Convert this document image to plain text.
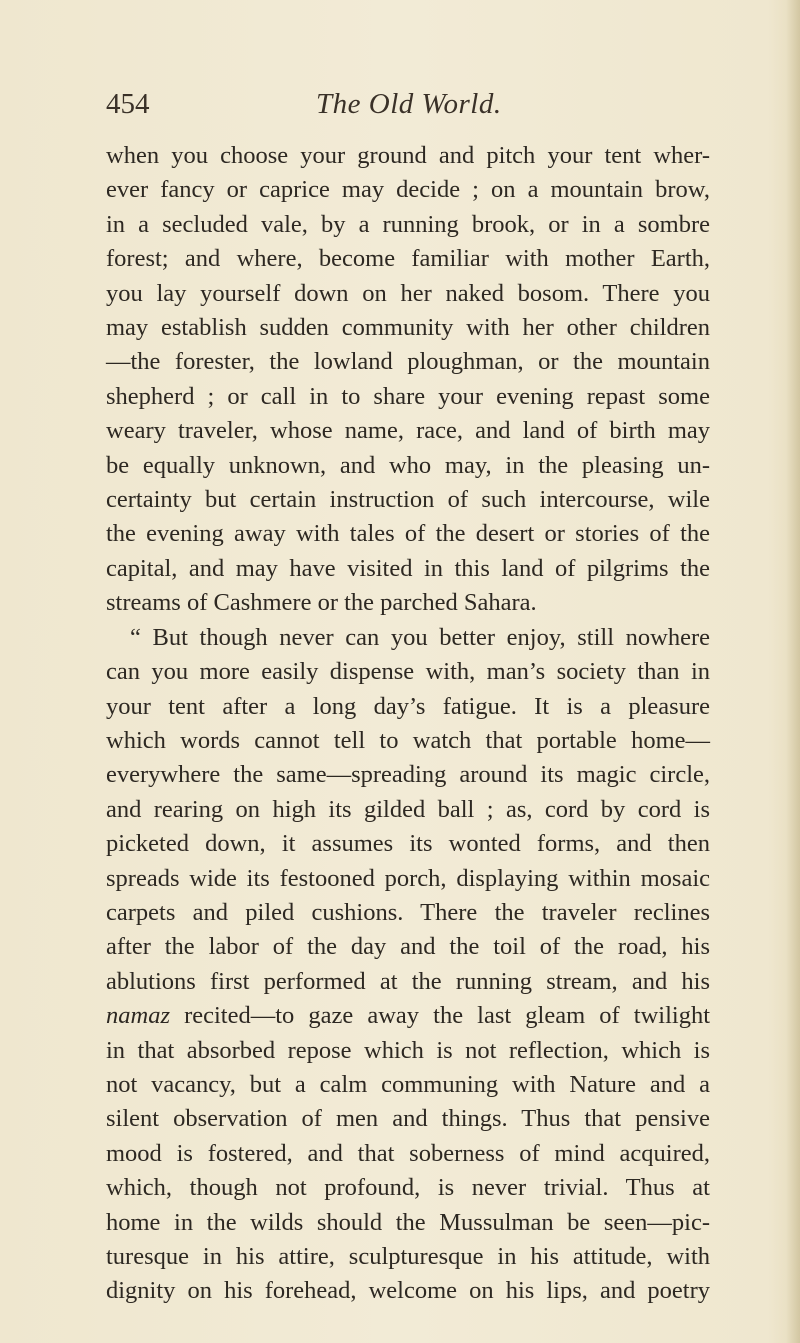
454	The Old World.
when you choose your ground and pitch your tent wher-
ever fancy or caprice may decide ; on a mountain brow,
in a secluded vale, by a running brook, or in a sombre
forest; and where, become familiar with mother Earth,
you lay yourself down on her naked bosom. There you
may establish sudden community with her other children
—the forester, the lowland ploughman, or the mountain
shepherd ; or call in to share your evening repast some
weary traveler, whose name, race, and land of birth may
be equally unknown, and who may, in the pleasing un-
certainty but certain instruction of such intercourse, wile
the evening away with tales of the desert or stories of the
capital, and may have visited in this land of pilgrims the
streams of Cashmere or the parched Sahara.
“ But though never can you better enjoy, still nowhere
can you more easily dispense with, man’s society than in
your tent after a long day’s fatigue. It is a pleasure
which words cannot tell to watch that portable home—
everywhere the same—spreading around its magic circle,
and rearing on high its gilded ball ; as, cord by cord is
picketed down, it assumes its wonted forms, and then
spreads wide its festooned porch, displaying within mosaic
carpets and piled cushions. There the traveler reclines
after the labor of the day and the toil of the road, his
ablutions first performed at the running stream, and his
namaz recited—to gaze away the last gleam of twilight
in that absorbed repose which is not reflection, which is
not vacancy, but a calm communing with Nature and a
silent observation of men and things. Thus that pensive
mood is fostered, and that soberness of mind acquired,
which, though not profound, is never trivial. Thus at
home in the wilds should the Mussulman be seen—pic-
turesque in his attire, sculpturesque in his attitude, with
dignity on his forehead, welcome on his lips, and poetry
